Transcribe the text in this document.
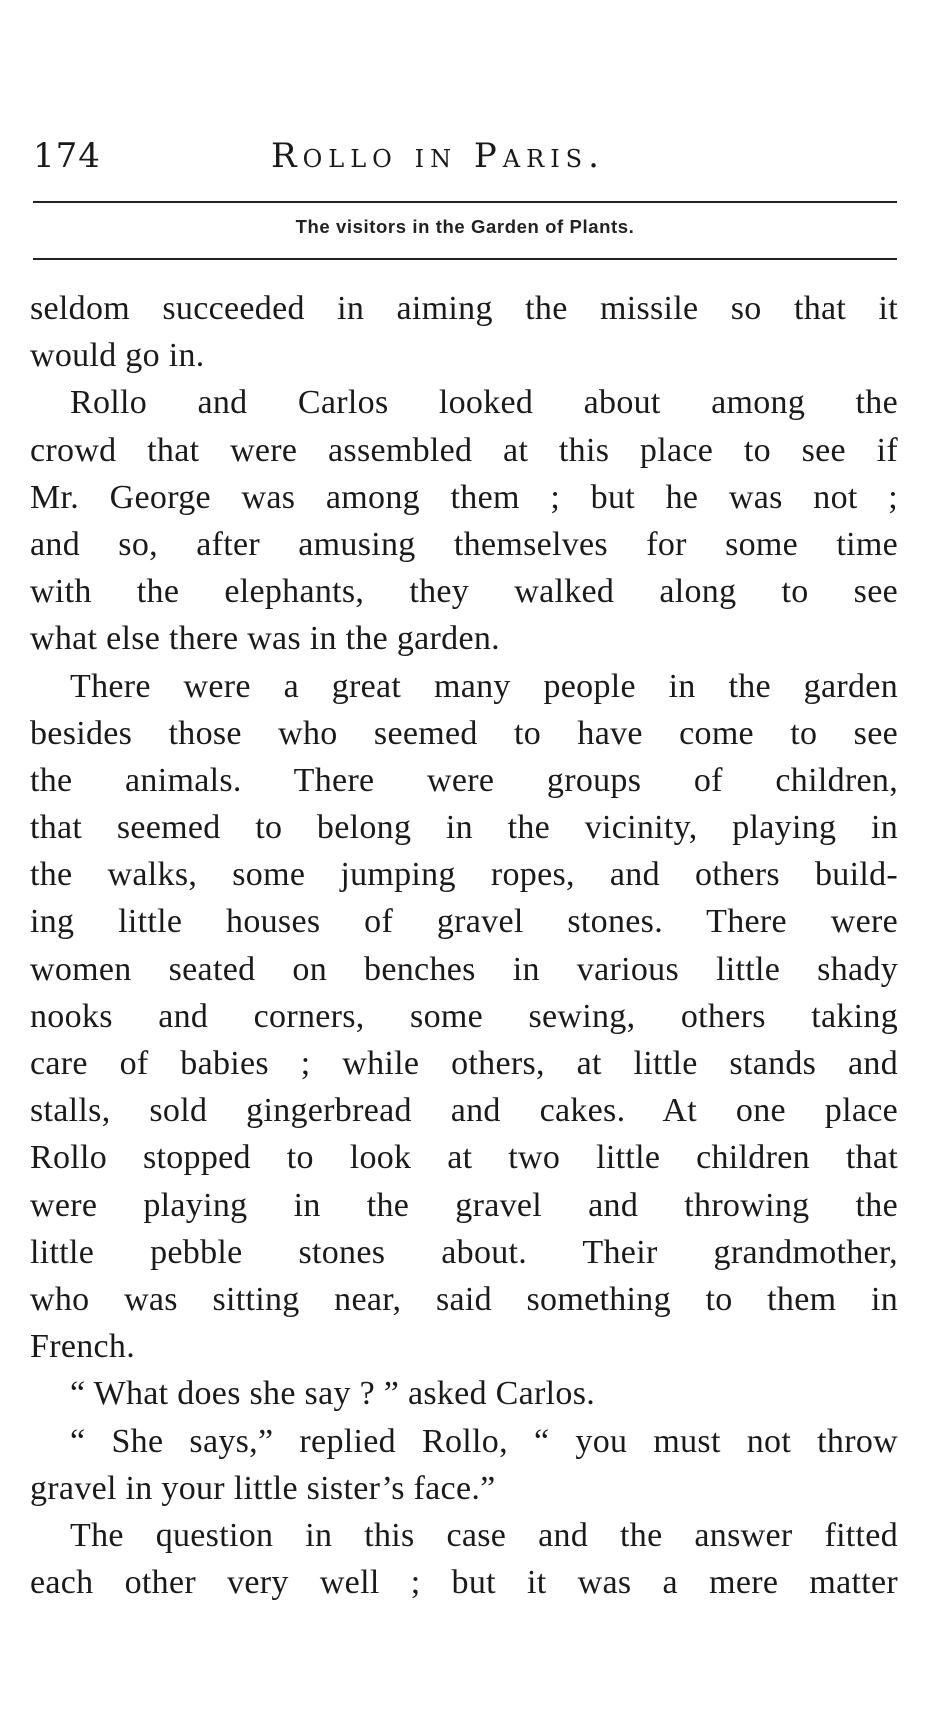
174	Rollo in Paris.
The visitors in the Garden of Plants.
seldom succeeded in aiming the missile so that it
would go in.
Rollo and Carlos looked about among the
crowd that were assembled at this place to see if
Mr. George was among them ; but he was not ;
and so, after amusing themselves for some time
with the elephants, they walked along to see
what else there was in the garden.
There were a great many people in the garden
besides those who seemed to have come to see
the animals. There were groups of children,
that seemed to belong in the vicinity, playing in
the walks, some jumping ropes, and others build-
ing little houses of gravel stones. There were
women seated on benches in various little shady
nooks and corners, some sewing, others taking
care of babies ; while others, at little stands and
stalls, sold gingerbread and cakes. At one place
Rollo stopped to look at two little children that
were playing in the gravel and throwing the
little pebble stones about. Their grandmother,
who was sitting near, said something to them in
French.
“ What does she say ? ” asked Carlos.
“ She says,” replied Rollo, “ you must not throw
gravel in your little sister’s face.”
The question in this case and the answer fitted
each other very well ; but it was a mere matter
